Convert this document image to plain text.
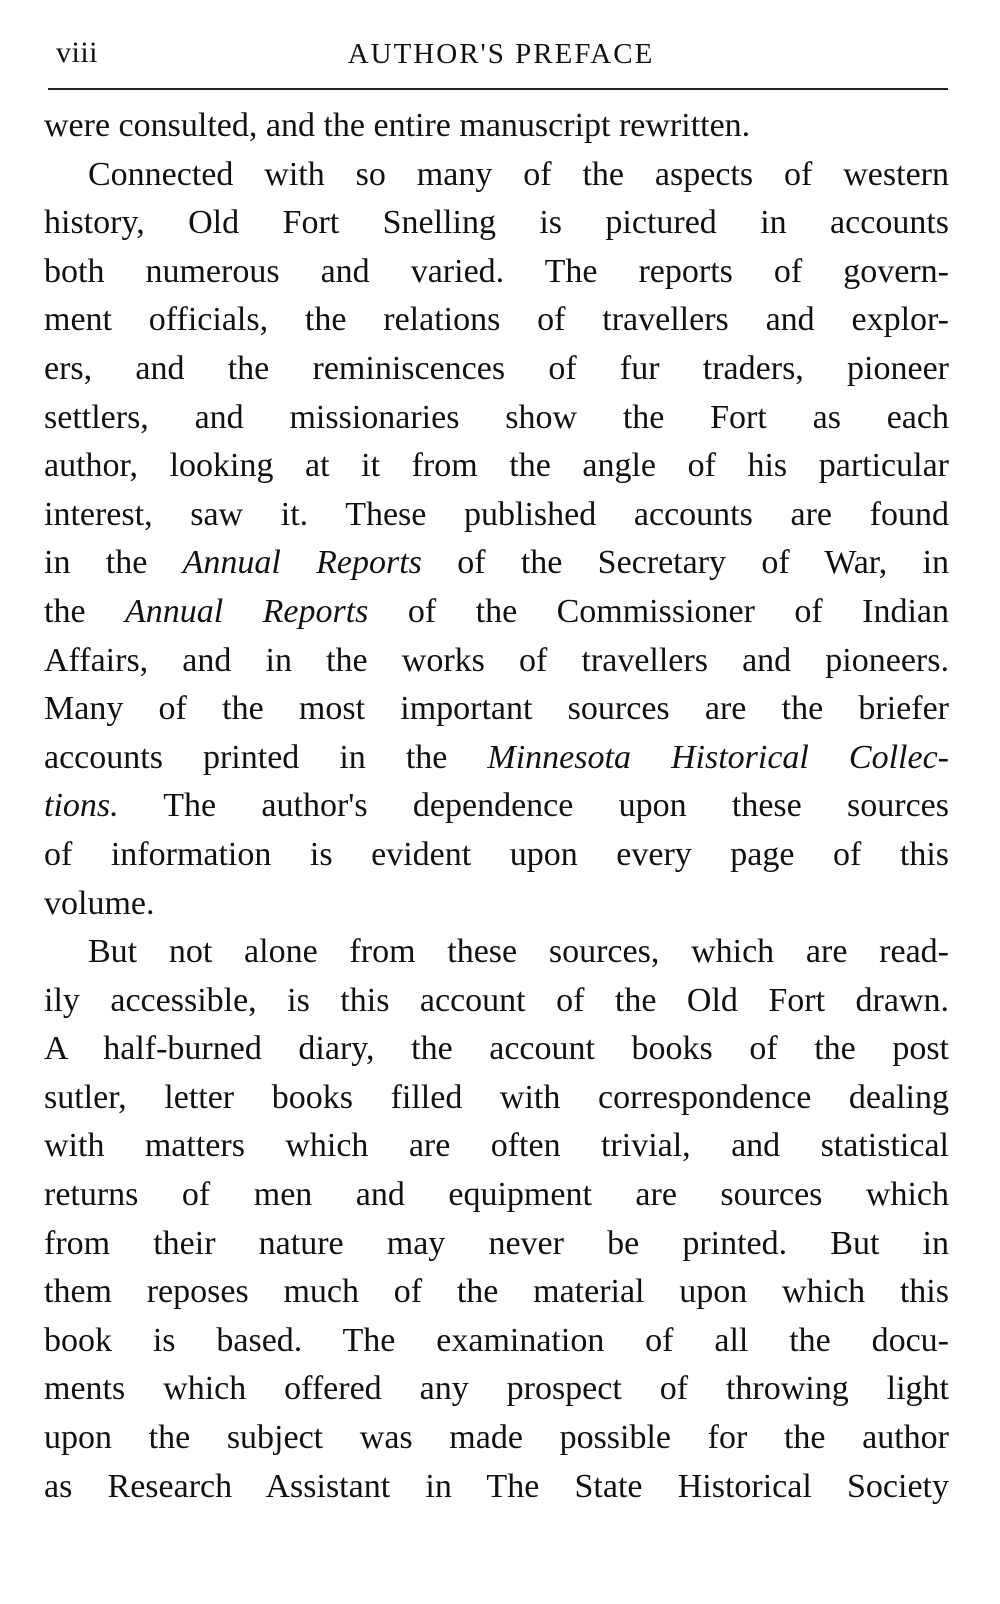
viii	AUTHOR'S PREFACE
were consulted, and the entire manuscript rewritten.
Connected with so many of the aspects of western
history, Old Fort Snelling is pictured in accounts
both numerous and varied. The reports of govern-
ment officials, the relations of travellers and explor-
ers, and the reminiscences of fur traders, pioneer
settlers, and missionaries show the Fort as each
author, looking at it from the angle of his particular
interest, saw it. These published accounts are found
in the Annual Reports of the Secretary of War, in
the Annual Reports of the Commissioner of Indian
Affairs, and in the works of travellers and pioneers.
Many of the most important sources are the briefer
accounts printed in the Minnesota Historical Collec-
tions. The author's dependence upon these sources
of information is evident upon every page of this
volume.
But not alone from these sources, which are read-
ily accessible, is this account of the Old Fort drawn.
A half-burned diary, the account books of the post
sutler, letter books filled with correspondence dealing
with matters which are often trivial, and statistical
returns of men and equipment are sources which
from their nature may never be printed. But in
them reposes much of the material upon which this
book is based. The examination of all the docu-
ments which offered any prospect of throwing light
upon the subject was made possible for the author
as Research Assistant in The State Historical Society
